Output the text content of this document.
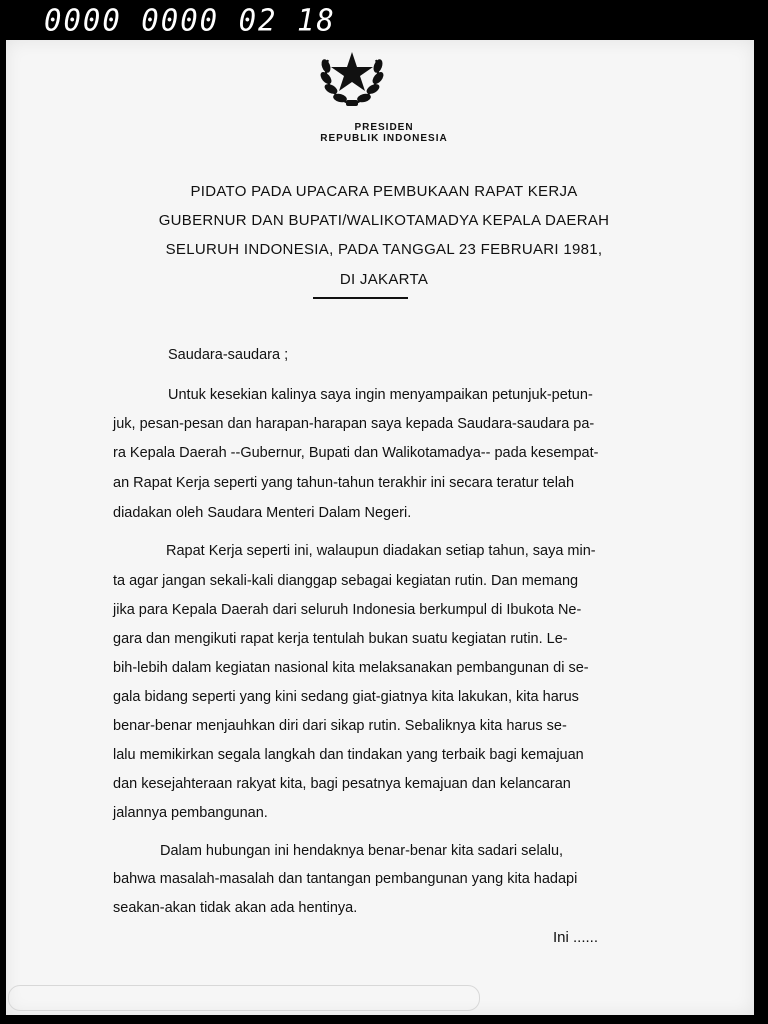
0000 0000 02 18
PRESIDEN
REPUBLIK INDONESIA
PIDATO PADA UPACARA PEMBUKAAN RAPAT KERJA
GUBERNUR DAN BUPATI/WALIKOTAMADYA KEPALA DAERAH
SELURUH INDONESIA, PADA TANGGAL 23 FEBRUARI 1981,
DI JAKARTA
Saudara-saudara ;
Untuk kesekian kalinya saya ingin menyampaikan petunjuk-petun-
juk, pesan-pesan dan harapan-harapan saya kepada Saudara-saudara pa-
ra Kepala Daerah --Gubernur, Bupati dan Walikotamadya-- pada kesempat-
an Rapat Kerja seperti yang tahun-tahun terakhir ini secara teratur telah
diadakan oleh Saudara Menteri Dalam Negeri.
Rapat Kerja seperti ini, walaupun diadakan setiap tahun, saya min-
ta agar jangan sekali-kali dianggap sebagai kegiatan rutin. Dan memang
jika para Kepala Daerah dari seluruh Indonesia berkumpul di Ibukota Ne-
gara dan mengikuti rapat kerja tentulah bukan suatu kegiatan rutin. Le-
bih-lebih dalam kegiatan nasional kita melaksanakan pembangunan di se-
gala bidang seperti yang kini sedang giat-giatnya kita lakukan, kita harus
benar-benar menjauhkan diri dari sikap rutin. Sebaliknya kita harus se-
lalu memikirkan segala langkah dan tindakan yang terbaik bagi kemajuan
dan kesejahteraan rakyat kita, bagi pesatnya kemajuan dan kelancaran
jalannya pembangunan.
Dalam hubungan ini hendaknya benar-benar kita sadari selalu,
bahwa masalah-masalah dan tantangan pembangunan yang kita hadapi
seakan-akan tidak akan ada hentinya.
Ini ......
